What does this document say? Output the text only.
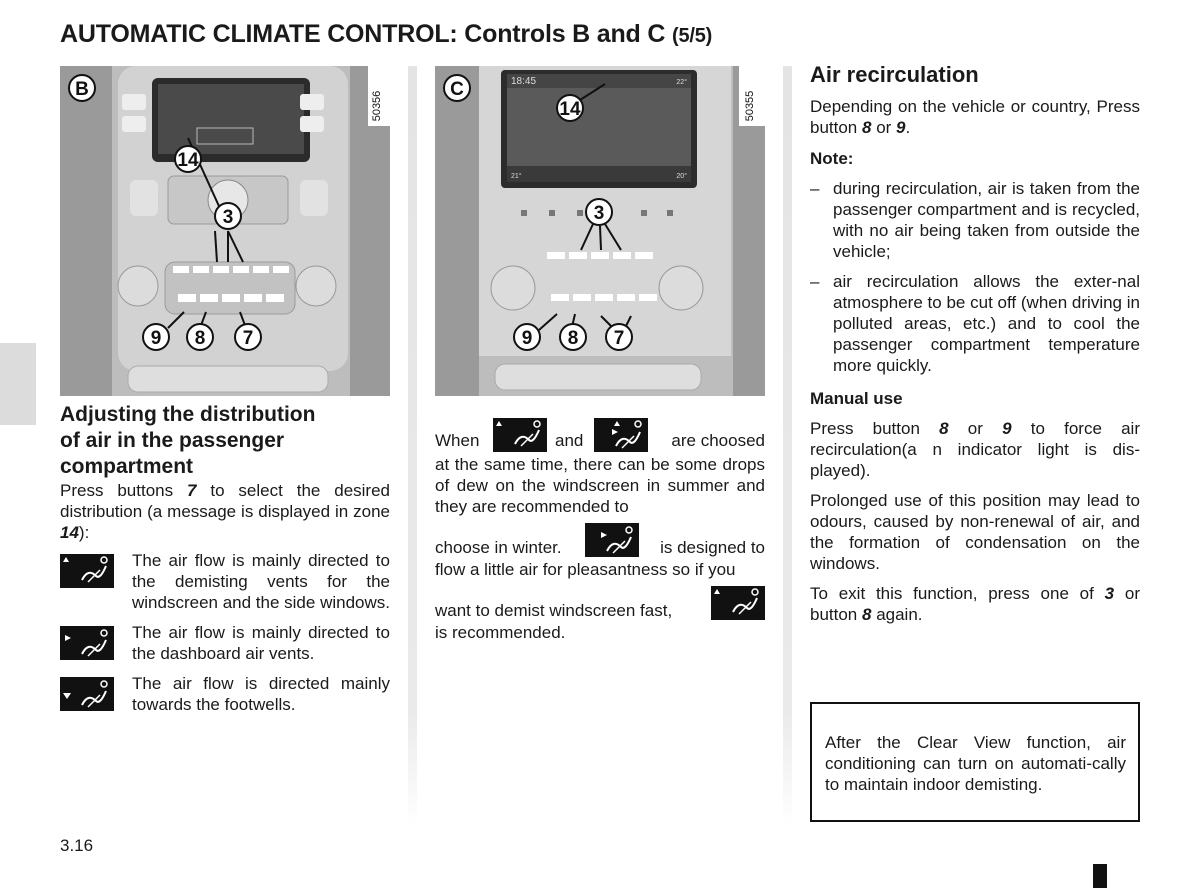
AUTOMATIC CLIMATE CONTROL: Controls B and C (5/5)
50356
B
14
3
9 8 7
18:45	22°
21°	20°
50355
C
14
3
9 8 7
Adjusting the distribution
of air in the passenger
compartment

Press buttons 7 to select the desired distribution (a message is displayed in zone 14):

The air flow is mainly directed to the demisting vents for the windscreen and the side windows.

The air flow is mainly directed to the dashboard air vents.

The air flow is directed mainly towards the footwells.

When	and	are choosed

at the same time, there can be some drops of dew on the windscreen in summer and they are recommended to

choose in winter.	is designed to

flow a little air for pleasantness so if you

want to demist windscreen fast,

is recommended.

Air recirculation

Depending on the vehicle or country, Press button 8 or 9.

Note:

– during recirculation, air is taken from the passenger compartment and is recycled, with no air being taken from outside the vehicle;
– air recirculation allows the exter-nal atmosphere to be cut off (when driving in polluted areas, etc.) and to cool the passenger compartment temperature more quickly.

Manual use

Press button 8 or 9 to force air recirculation(a n indicator light is dis-played).

Prolonged use of this position may lead to odours, caused by non-renewal of air, and the formation of condensation on the windows.

To exit this function, press one of 3 or button 8 again.

After the Clear View function, air conditioning can turn on automati-cally to maintain indoor demisting.

3.16
